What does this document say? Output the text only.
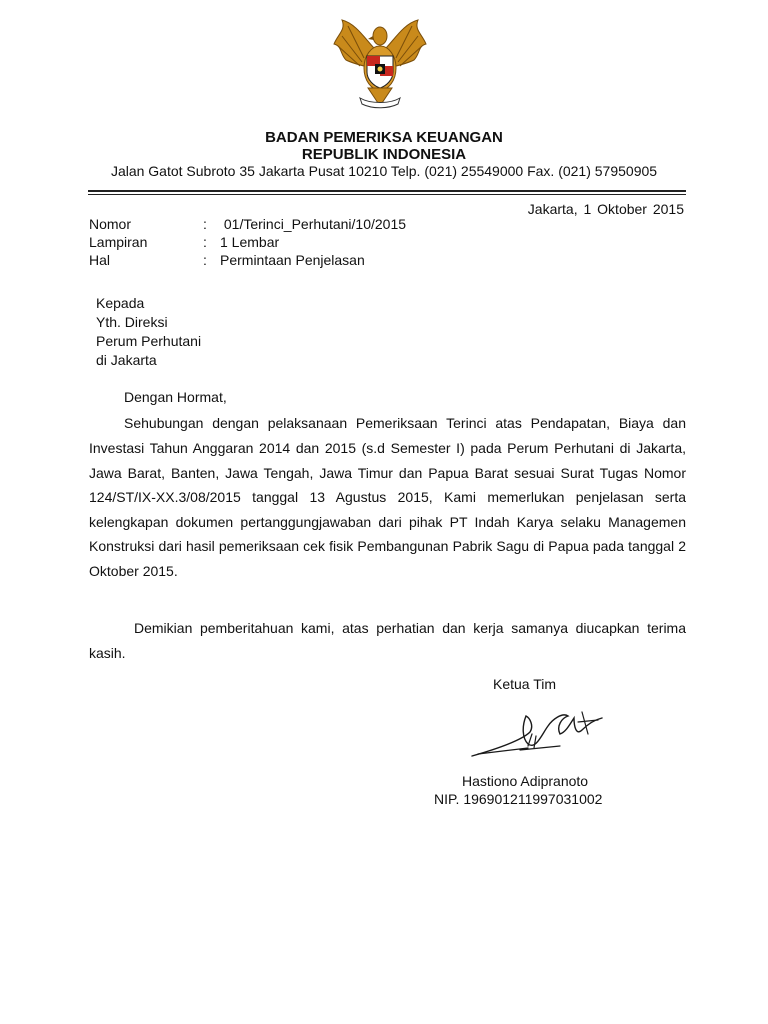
BADAN PEMERIKSA KEUANGAN
REPUBLIK INDONESIA
Jalan Gatot Subroto 35 Jakarta Pusat 10210 Telp. (021) 25549000 Fax. (021) 57950905
Jakarta, 1 Oktober 2015
Nomor	: 01/Terinci_Perhutani/10/2015
Lampiran	: 1 Lembar
Hal	: Permintaan Penjelasan
Kepada
Yth. Direksi
Perum Perhutani
di Jakarta
Dengan Hormat,
Sehubungan dengan pelaksanaan Pemeriksaan Terinci atas Pendapatan, Biaya dan
Investasi Tahun Anggaran 2014 dan 2015 (s.d Semester I) pada Perum Perhutani di Jakarta,
Jawa Barat, Banten, Jawa Tengah, Jawa Timur dan Papua Barat sesuai Surat Tugas Nomor
124/ST/IX-XX.3/08/2015 tanggal 13 Agustus 2015, Kami memerlukan penjelasan serta
kelengkapan dokumen pertanggungjawaban dari pihak PT Indah Karya selaku Managemen
Konstruksi dari hasil pemeriksaan cek fisik Pembangunan Pabrik Sagu di Papua pada tanggal 2
Oktober 2015.
Demikian pemberitahuan kami, atas perhatian dan kerja samanya diucapkan terima
kasih.
Ketua Tim
Hastiono Adipranoto
NIP. 196901211997031002
